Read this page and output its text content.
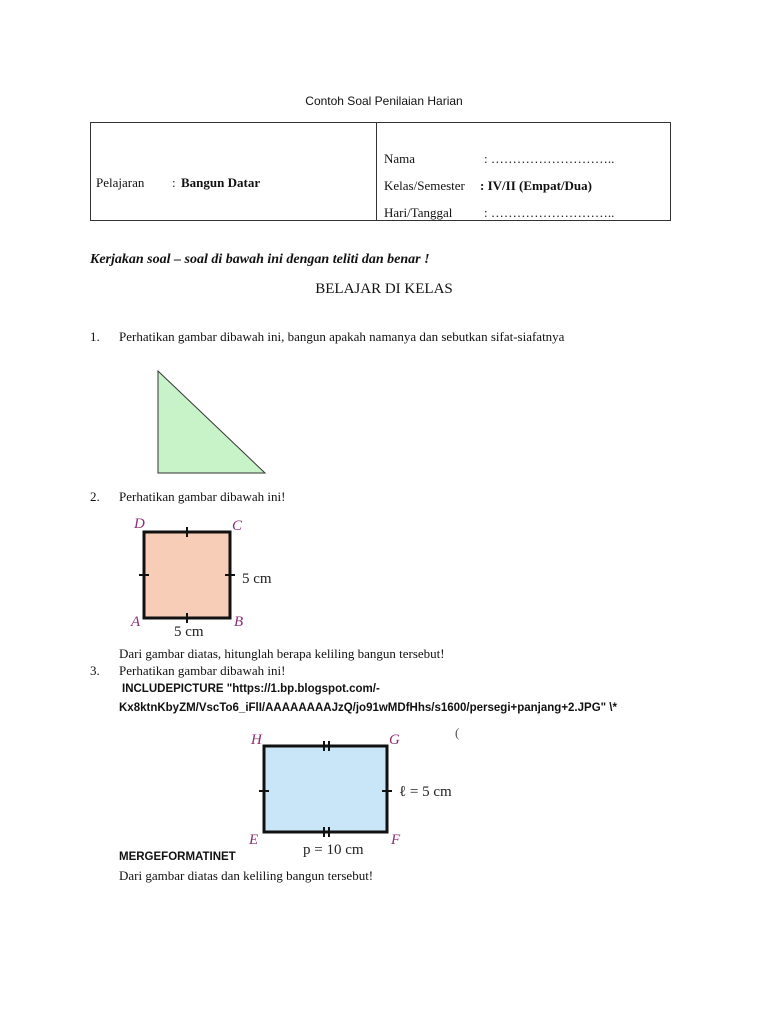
Contoh Soal Penilaian Harian
Pelajaran : Bangun Datar
Nama	: ………………………..
Kelas/Semester : IV/II (Empat/Dua)
Hari/Tanggal : ………………………..
Kerjakan soal – soal di bawah ini dengan teliti dan benar !
BELAJAR DI KELAS
1. Perhatikan gambar dibawah ini, bangun apakah namanya dan sebutkan sifat-siafatnya
2. Perhatikan gambar dibawah ini!
D	C
A	B
5 cm
5 cm
Dari gambar diatas, hitunglah berapa keliling bangun tersebut!
3. Perhatikan gambar dibawah ini!
INCLUDEPICTURE "https://1.bp.blogspot.com/-
Kx8ktnKbyZM/VscTo6_iFlI/AAAAAAAAJzQ/jo91wMDfHhs/s1600/persegi+panjang+2.JPG" \*
(
H	G
E	F
ℓ = 5 cm
p = 10 cm
MERGEFORMATINET
Dari gambar diatas dan keliling bangun tersebut!
